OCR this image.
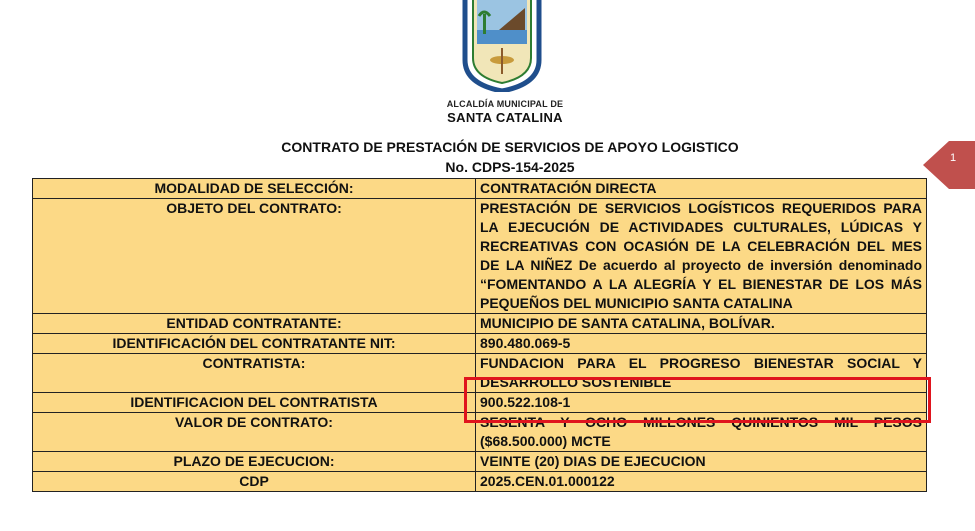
ALCALDÍA MUNICIPAL DE
SANTA CATALINA
CONTRATO DE PRESTACIÓN DE SERVICIOS DE APOYO LOGISTICO
No. CDPS-154-2025
1
MODALIDAD DE SELECCIÓN:	CONTRATACIÓN DIRECTA
OBJETO DEL CONTRATO:	PRESTACIÓN DE SERVICIOS LOGÍSTICOS REQUERIDOS PARA LA EJECUCIÓN DE ACTIVIDADES CULTURALES, LÚDICAS Y RECREATIVAS CON OCASIÓN DE LA CELEBRACIÓN DEL MES DE LA NIÑEZ De acuerdo al proyecto de inversión denominado “FOMENTANDO A LA ALEGRÍA Y EL BIENESTAR DE LOS MÁS PEQUEÑOS DEL MUNICIPIO SANTA CATALINA
ENTIDAD CONTRATANTE:	MUNICIPIO DE SANTA CATALINA, BOLÍVAR.
IDENTIFICACIÓN DEL CONTRATANTE NIT:	890.480.069-5
CONTRATISTA:	FUNDACION PARA EL PROGRESO BIENESTAR SOCIAL Y DESARROLLO SOSTENIBLE
IDENTIFICACION DEL CONTRATISTA	900.522.108-1
VALOR DE CONTRATO:	SESENTA Y OCHO MILLONES QUINIENTOS MIL PESOS ($68.500.000) MCTE
PLAZO DE EJECUCION:	VEINTE (20) DIAS DE EJECUCION
CDP	2025.CEN.01.000122
